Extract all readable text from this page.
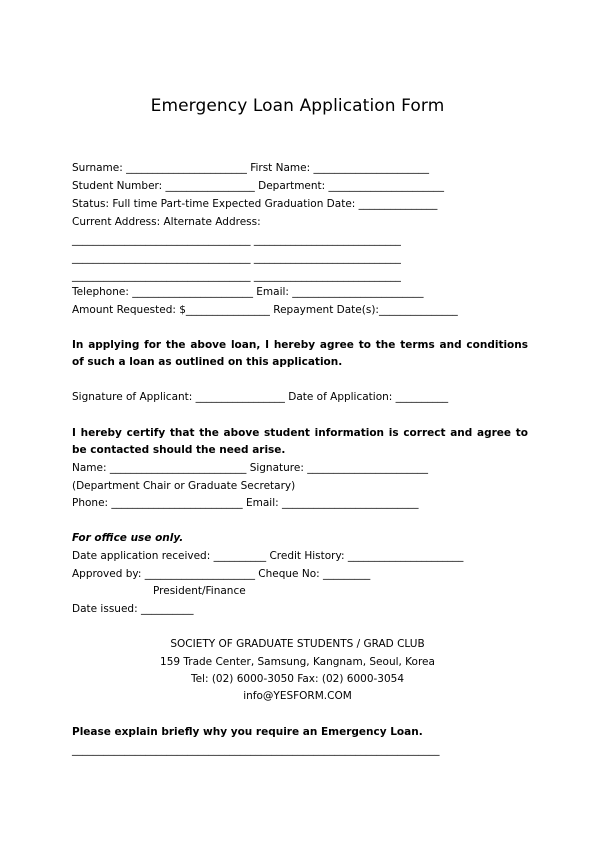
Emergency Loan Application Form
Surname: _______________________ First Name: ______________________
Student Number: _________________ Department: ______________________
Status: Full time Part-time Expected Graduation Date: _______________
Current Address: Alternate Address:
__________________________________ ____________________________
__________________________________ ____________________________
__________________________________ ____________________________
Telephone: _______________________ Email: _________________________
Amount Requested: $________________ Repayment Date(s):_______________
In applying for the above loan, I hereby agree to the terms and conditions
of such a loan as outlined on this application.
Signature of Applicant: _________________ Date of Application: __________
I hereby certify that the above student information is correct and agree to
be contacted should the need arise.
Name: __________________________ Signature: _______________________
(Department Chair or Graduate Secretary)
Phone: _________________________ Email: __________________________
For office use only.
Date application received: __________ Credit History: ______________________
Approved by: _____________________ Cheque No: _________
President/Finance
Date issued: __________
SOCIETY OF GRADUATE STUDENTS / GRAD CLUB
159 Trade Center, Samsung, Kangnam, Seoul, Korea
Tel: (02) 6000-3050 Fax: (02) 6000-3054
info@YESFORM.COM
Please explain briefly why you require an Emergency Loan.
______________________________________________________________________
